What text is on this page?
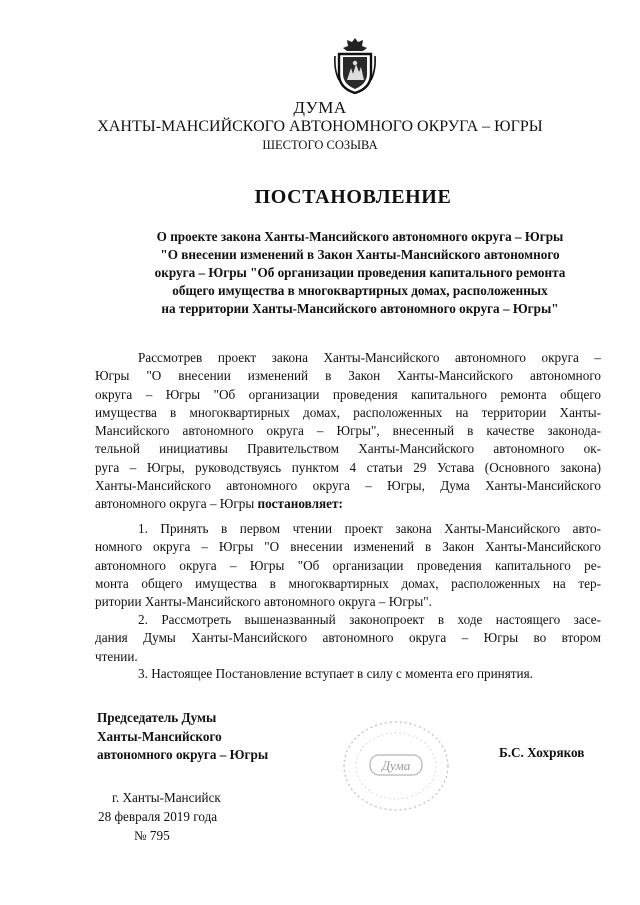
ДУМА
ХАНТЫ-МАНСИЙСКОГО АВТОНОМНОГО ОКРУГА – ЮГРЫ
ШЕСТОГО СОЗЫВА
ПОСТАНОВЛЕНИЕ
О проекте закона Ханты-Мансийского автономного округа – Югры
"О внесении изменений в Закон Ханты-Мансийского автономного
округа – Югры "Об организации проведения капитального ремонта
общего имущества в многоквартирных домах, расположенных
на территории Ханты-Мансийского автономного округа – Югры"
Рассмотрев проект закона Ханты-Мансийского автономного округа –
Югры "О внесении изменений в Закон Ханты-Мансийского автономного
округа – Югры "Об организации проведения капитального ремонта общего
имущества в многоквартирных домах, расположенных на территории Ханты-
Мансийского автономного округа – Югры", внесенный в качестве законода-
тельной инициативы Правительством Ханты-Мансийского автономного ок-
руга – Югры, руководствуясь пунктом 4 статьи 29 Устава (Основного закона)
Ханты-Мансийского автономного округа – Югры, Дума Ханты-Мансийского
автономного округа – Югры постановляет:
1. Принять в первом чтении проект закона Ханты-Мансийского авто-
номного округа – Югры "О внесении изменений в Закон Ханты-Мансийского
автономного округа – Югры "Об организации проведения капитального ре-
монта общего имущества в многоквартирных домах, расположенных на тер-
ритории Ханты-Мансийского автономного округа – Югры".
2. Рассмотреть вышеназванный законопроект в ходе настоящего засе-
дания Думы Ханты-Мансийского автономного округа – Югры во втором
чтении.
3. Настоящее Постановление вступает в силу с момента его принятия.
Председатель Думы
Ханты-Мансийского
автономного округа – Югры
Дума
Б.С. Хохряков
г. Ханты-Мансийск
28 февраля 2019 года
№ 795
